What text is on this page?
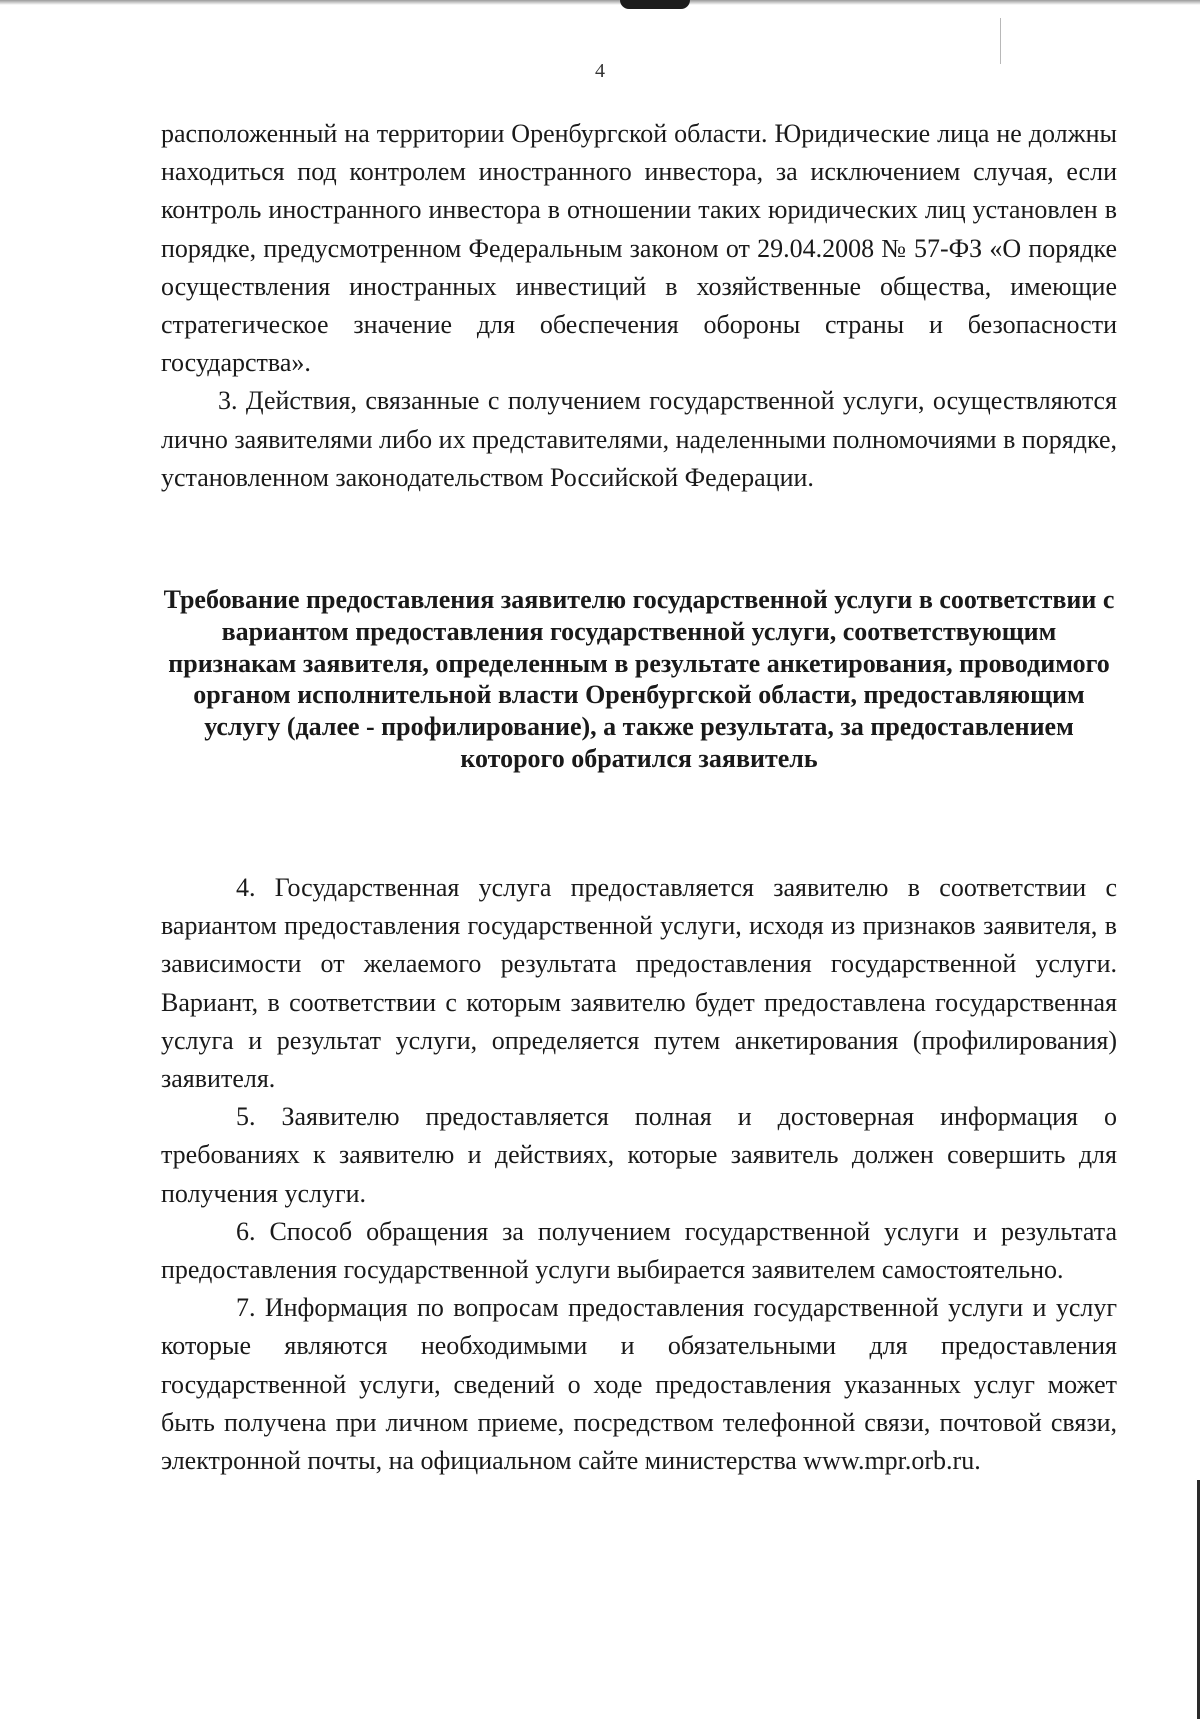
4

расположенный на территории Оренбургской области. Юридические лица не должны находиться под контролем иностранного инвестора, за исключением случая, если контроль иностранного инвестора в отношении таких юридических лиц установлен в порядке, предусмотренном Федеральным законом от 29.04.2008 № 57-ФЗ «О порядке осуществления иностранных инвестиций в хозяйственные общества, имеющие стратегическое значение для обеспечения обороны страны и безопасности государства».

3. Действия, связанные с получением государственной услуги, осуществляются лично заявителями либо их представителями, наделенными полномочиями в порядке, установленном законодательством Российской Федерации.

Требование предоставления заявителю государственной услуги в соответствии с вариантом предоставления государственной услуги, соответствующим признакам заявителя, определенным в результате анкетирования, проводимого органом исполнительной власти Оренбургской области, предоставляющим услугу (далее - профилирование), а также результата, за предоставлением которого обратился заявитель

4. Государственная услуга предоставляется заявителю в соответствии с вариантом предоставления государственной услуги, исходя из признаков заявителя, в зависимости от желаемого результата предоставления государственной услуги. Вариант, в соответствии с которым заявителю будет предоставлена государственная услуга и результат услуги, определяется путем анкетирования (профилирования) заявителя.

5. Заявителю предоставляется полная и достоверная информация о требованиях к заявителю и действиях, которые заявитель должен совершить для получения услуги.

6. Способ обращения за получением государственной услуги и результата предоставления государственной услуги выбирается заявителем самостоятельно.

7. Информация по вопросам предоставления государственной услуги и услуг которые являются необходимыми и обязательными для предоставления государственной услуги, сведений о ходе предоставления указанных услуг может быть получена при личном приеме, посредством телефонной связи, почтовой связи, электронной почты, на официальном сайте министерства www.mpr.orb.ru.
